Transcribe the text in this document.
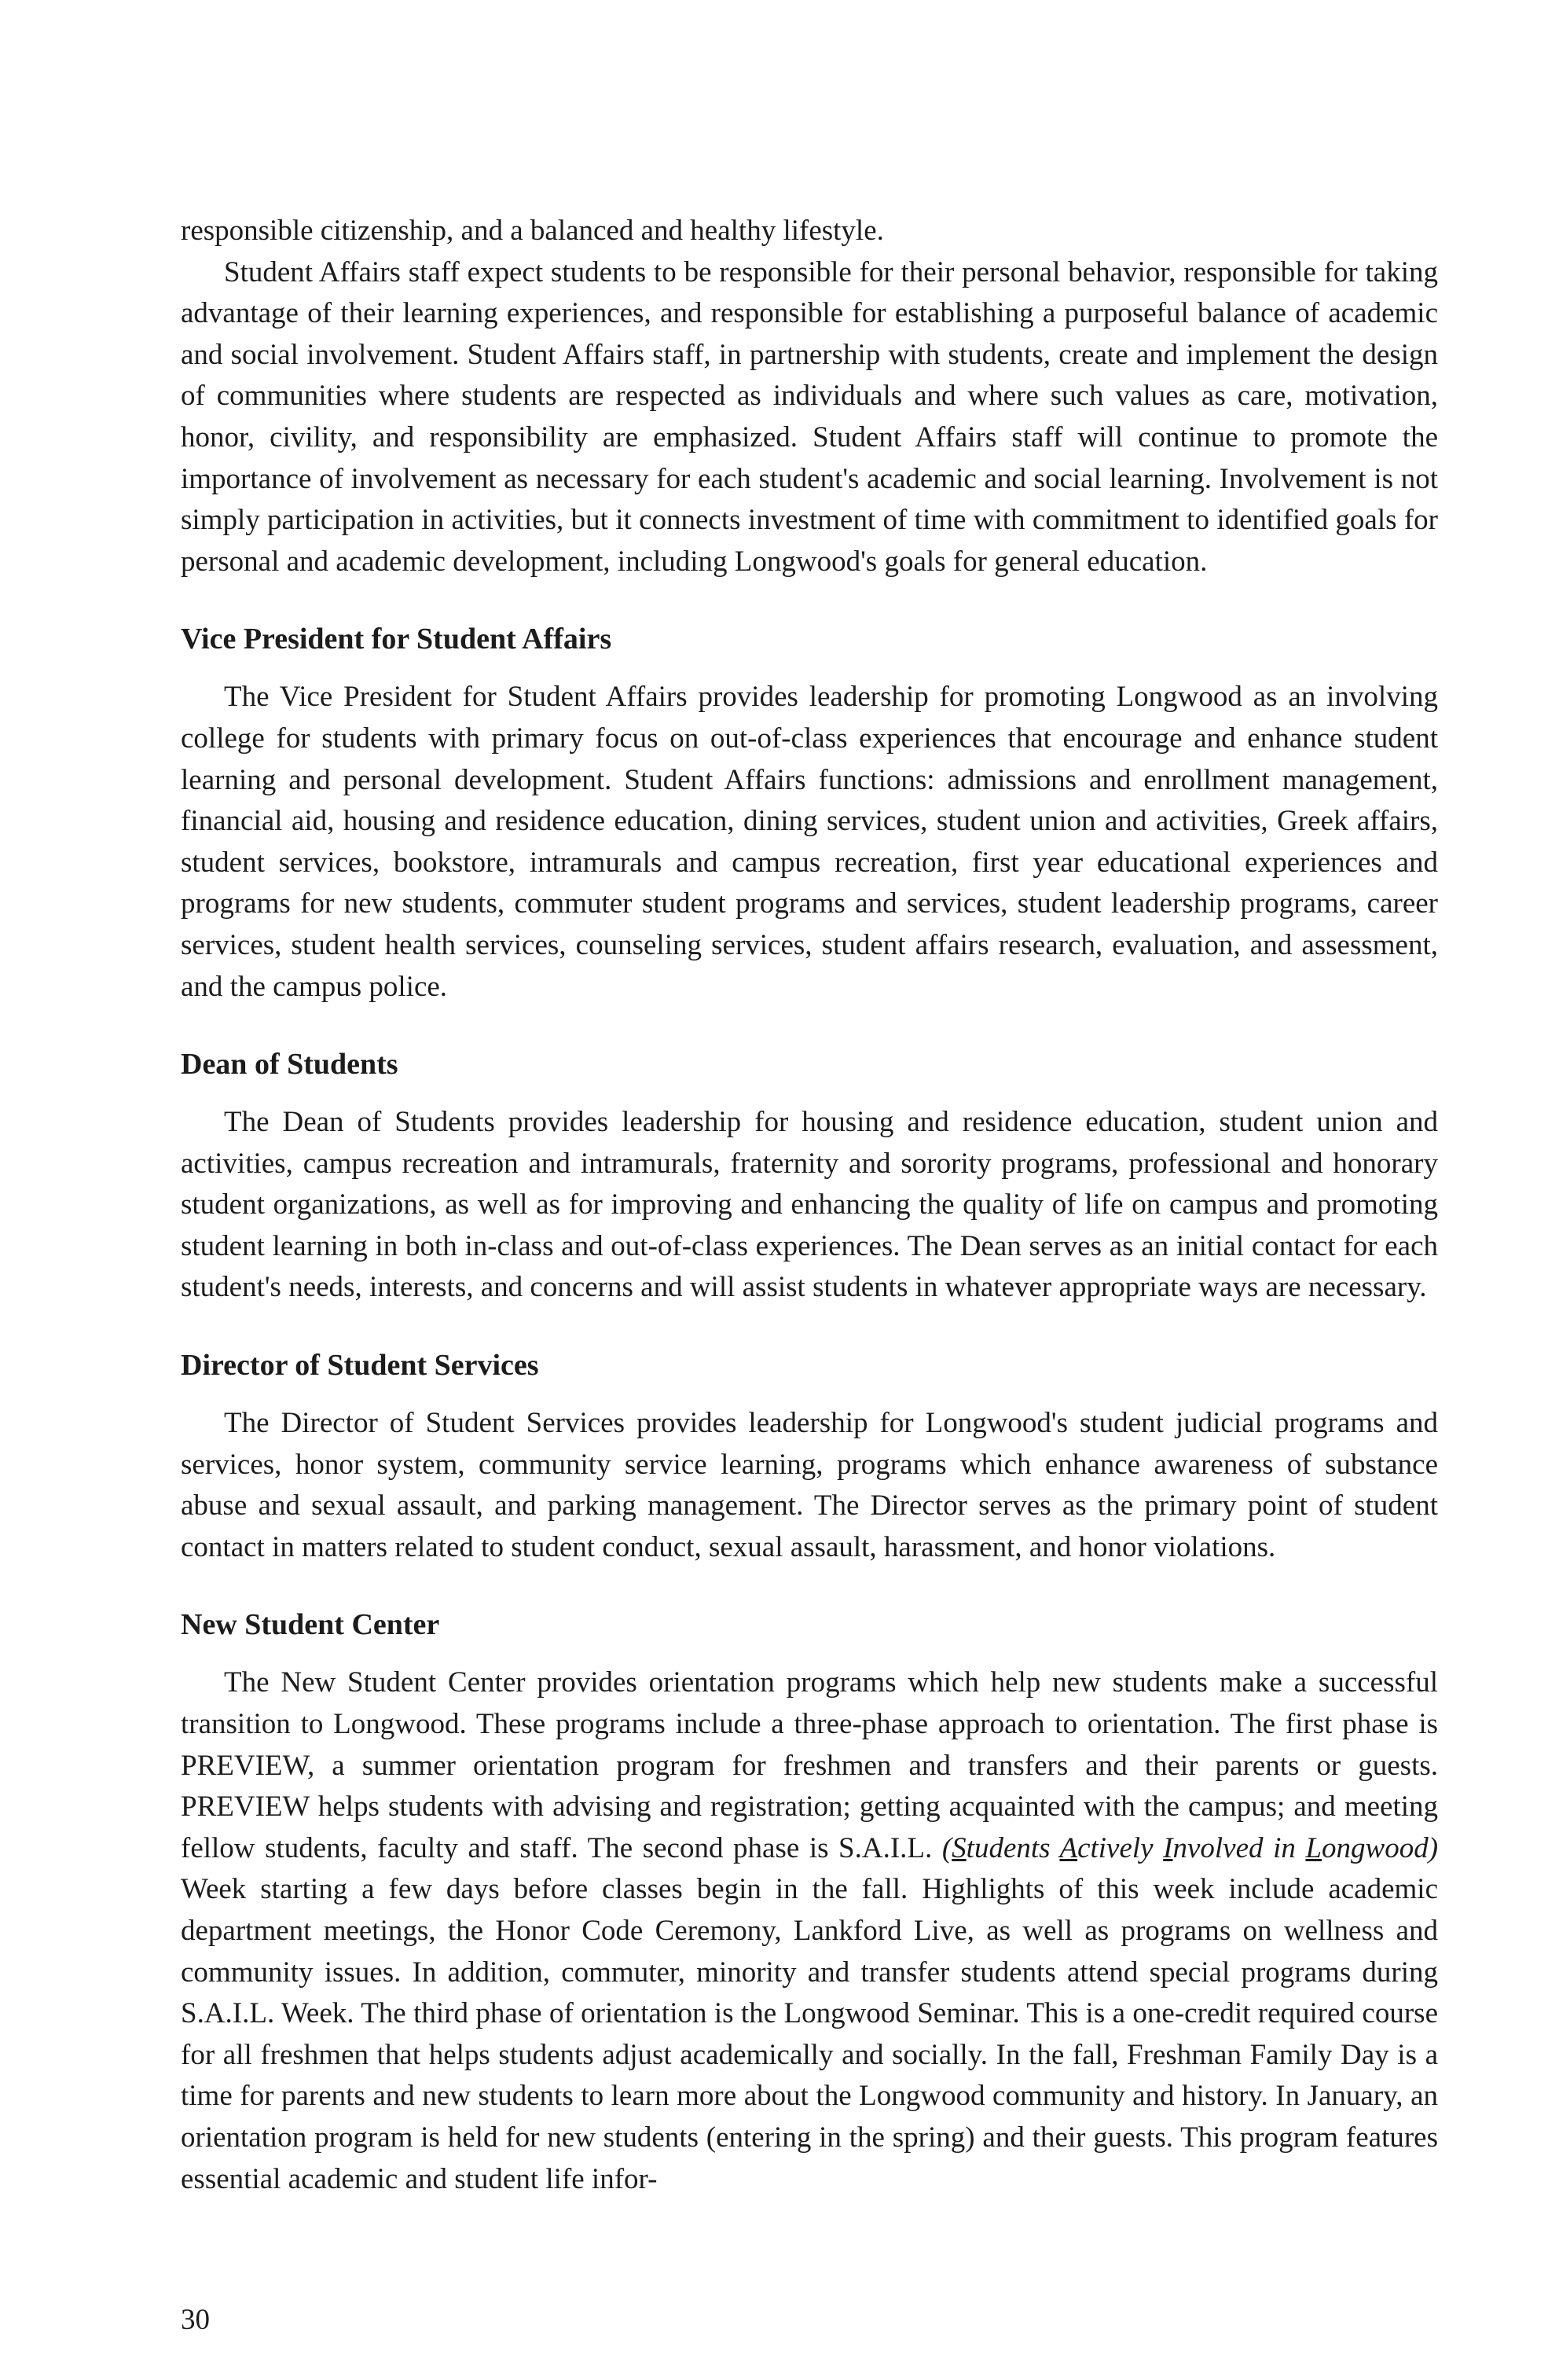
responsible citizenship, and a balanced and healthy lifestyle.

Student Affairs staff expect students to be responsible for their personal behavior, responsible for taking advantage of their learning experiences, and responsible for establishing a purposeful balance of academic and social involvement. Student Affairs staff, in partnership with students, create and implement the design of communities where students are respected as individuals and where such values as care, motivation, honor, civility, and responsibility are emphasized. Student Affairs staff will continue to promote the importance of involvement as necessary for each student's academic and social learning. Involvement is not simply participation in activities, but it connects investment of time with commitment to identified goals for personal and academic development, including Longwood's goals for general education.

Vice President for Student Affairs

The Vice President for Student Affairs provides leadership for promoting Longwood as an involving college for students with primary focus on out-of-class experiences that encourage and enhance student learning and personal development. Student Affairs functions: admissions and enrollment management, financial aid, housing and residence education, dining services, student union and activities, Greek affairs, student services, bookstore, intramurals and campus recreation, first year educational experiences and programs for new students, commuter student programs and services, student leadership programs, career services, student health services, counseling services, student affairs research, evaluation, and assessment, and the campus police.

Dean of Students

The Dean of Students provides leadership for housing and residence education, student union and activities, campus recreation and intramurals, fraternity and sorority programs, professional and honorary student organizations, as well as for improving and enhancing the quality of life on campus and promoting student learning in both in-class and out-of-class experiences. The Dean serves as an initial contact for each student's needs, interests, and concerns and will assist students in whatever appropriate ways are necessary.

Director of Student Services

The Director of Student Services provides leadership for Longwood's student judicial programs and services, honor system, community service learning, programs which enhance awareness of substance abuse and sexual assault, and parking management. The Director serves as the primary point of student contact in matters related to student conduct, sexual assault, harassment, and honor violations.

New Student Center

The New Student Center provides orientation programs which help new students make a successful transition to Longwood. These programs include a three-phase approach to orientation. The first phase is PREVIEW, a summer orientation program for freshmen and transfers and their parents or guests. PREVIEW helps students with advising and registration; getting acquainted with the campus; and meeting fellow students, faculty and staff. The second phase is S.A.I.L. (Students Actively Involved in Longwood) Week starting a few days before classes begin in the fall. Highlights of this week include academic department meetings, the Honor Code Ceremony, Lankford Live, as well as programs on wellness and community issues. In addition, commuter, minority and transfer students attend special programs during S.A.I.L. Week. The third phase of orientation is the Longwood Seminar. This is a one-credit required course for all freshmen that helps students adjust academically and socially. In the fall, Freshman Family Day is a time for parents and new students to learn more about the Longwood community and history. In January, an orientation program is held for new students (entering in the spring) and their guests. This program features essential academic and student life infor-

30
